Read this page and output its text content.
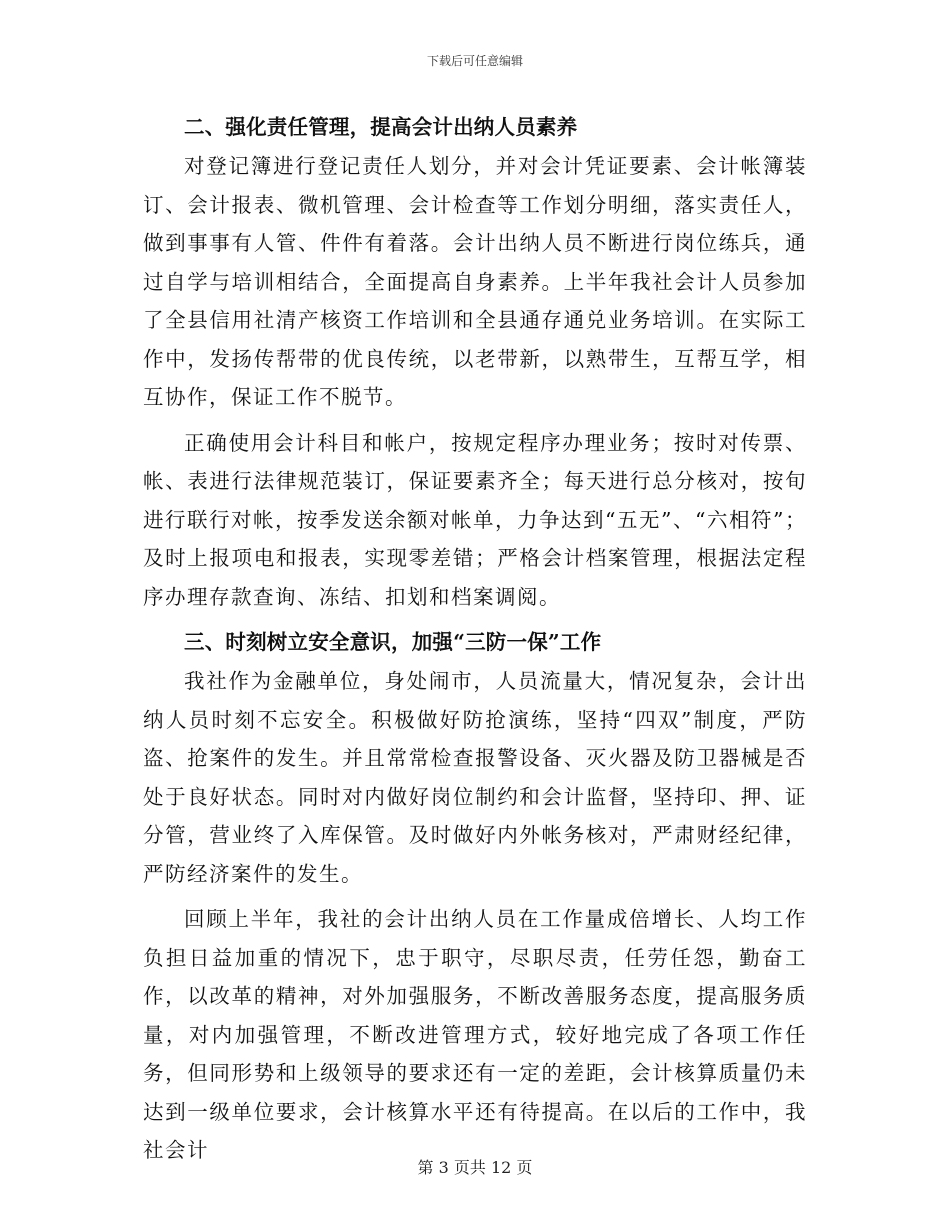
下载后可任意编辑
二、强化责任管理，提高会计出纳人员素养

对登记簿进行登记责任人划分，并对会计凭证要素、会计帐簿装订、会计报表、微机管理、会计检查等工作划分明细，落实责任人，做到事事有人管、件件有着落。会计出纳人员不断进行岗位练兵，通过自学与培训相结合，全面提高自身素养。上半年我社会计人员参加了全县信用社清产核资工作培训和全县通存通兑业务培训。在实际工作中，发扬传帮带的优良传统，以老带新，以熟带生，互帮互学，相互协作，保证工作不脱节。

正确使用会计科目和帐户，按规定程序办理业务；按时对传票、帐、表进行法律规范装订，保证要素齐全；每天进行总分核对，按旬进行联行对帐，按季发送余额对帐单，力争达到“五无”、“六相符”；及时上报项电和报表，实现零差错；严格会计档案管理，根据法定程序办理存款查询、冻结、扣划和档案调阅。

三、时刻树立安全意识，加强“三防一保”工作

我社作为金融单位，身处闹市，人员流量大，情况复杂，会计出纳人员时刻不忘安全。积极做好防抢演练，坚持“四双”制度，严防盗、抢案件的发生。并且常常检查报警设备、灭火器及防卫器械是否处于良好状态。同时对内做好岗位制约和会计监督，坚持印、押、证分管，营业终了入库保管。及时做好内外帐务核对，严肃财经纪律，严防经济案件的发生。

回顾上半年，我社的会计出纳人员在工作量成倍增长、人均工作负担日益加重的情况下，忠于职守，尽职尽责，任劳任怨，勤奋工作，以改革的精神，对外加强服务，不断改善服务态度，提高服务质量，对内加强管理，不断改进管理方式，较好地完成了各项工作任务，但同形势和上级领导的要求还有一定的差距，会计核算质量仍未达到一级单位要求，会计核算水平还有待提高。在以后的工作中，我社会计

第 3 页共 12 页
